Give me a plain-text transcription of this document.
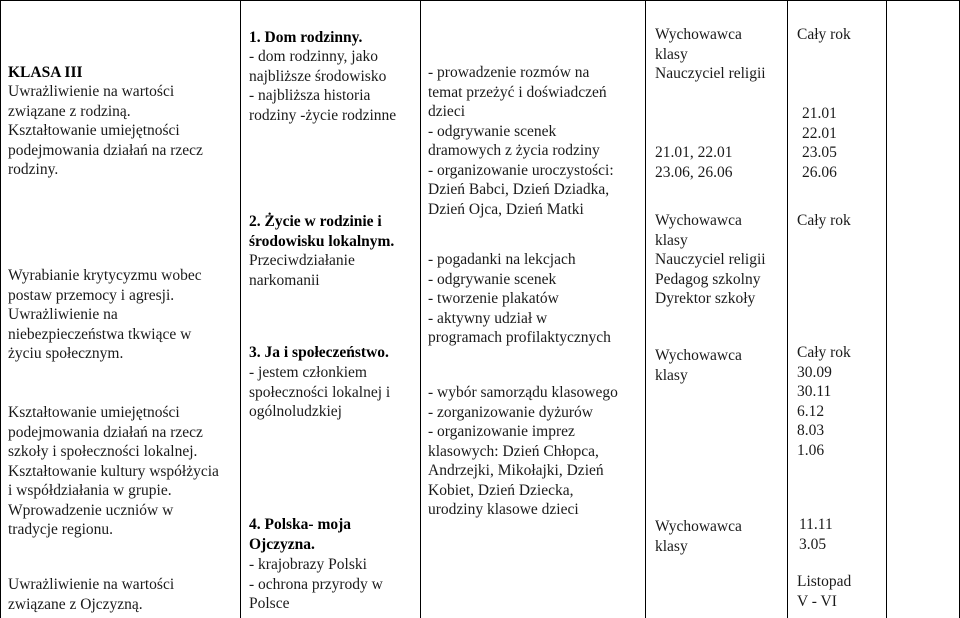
KLASA III
Uwrażliwienie na wartości
związane z rodziną.
Kształtowanie umiejętności
podejmowania działań na rzecz
rodziny.
Wyrabianie krytycyzmu wobec
postaw przemocy i agresji.
Uwrażliwienie na
niebezpieczeństwa tkwiące w
życiu społecznym.
Kształtowanie umiejętności
podejmowania działań na rzecz
szkoły i społeczności lokalnej.
Kształtowanie kultury współżycia
i współdziałania w grupie.
Wprowadzenie uczniów w
tradycje regionu.
Uwrażliwienie na wartości
związane z Ojczyzną.
1. Dom rodzinny.
- dom rodzinny, jako
najbliższe środowisko
- najbliższa historia
rodziny -życie rodzinne
2. Życie w rodzinie i
środowisku lokalnym.
Przeciwdziałanie
narkomanii
3. Ja i społeczeństwo.
- jestem członkiem
społeczności lokalnej i
ogólnoludzkiej
4. Polska- moja
Ojczyzna.
- krajobrazy Polski
- ochrona przyrody w
Polsce
- prowadzenie rozmów na
temat przeżyć i doświadczeń
dzieci
- odgrywanie scenek
dramowych z życia rodziny
- organizowanie uroczystości:
Dzień Babci, Dzień Dziadka,
Dzień Ojca, Dzień Matki
- pogadanki na lekcjach
- odgrywanie scenek
- tworzenie plakatów
- aktywny udział w
programach profilaktycznych
- wybór samorządu klasowego
- zorganizowanie dyżurów
- organizowanie imprez
klasowych: Dzień Chłopca,
Andrzejki, Mikołajki, Dzień
Kobiet, Dzień Dziecka,
urodziny klasowe dzieci
Wychowawca
klasy
Nauczyciel religii
21.01, 22.01
23.06, 26.06
Wychowawca
klasy
Nauczyciel religii
Pedagog szkolny
Dyrektor szkoły
Wychowawca
klasy
Wychowawca
klasy
Cały rok
21.01
22.01
23.05
26.06
Cały rok
Cały rok
30.09
30.11
6.12
8.03
1.06
11.11
3.05
Listopad
V - VI
